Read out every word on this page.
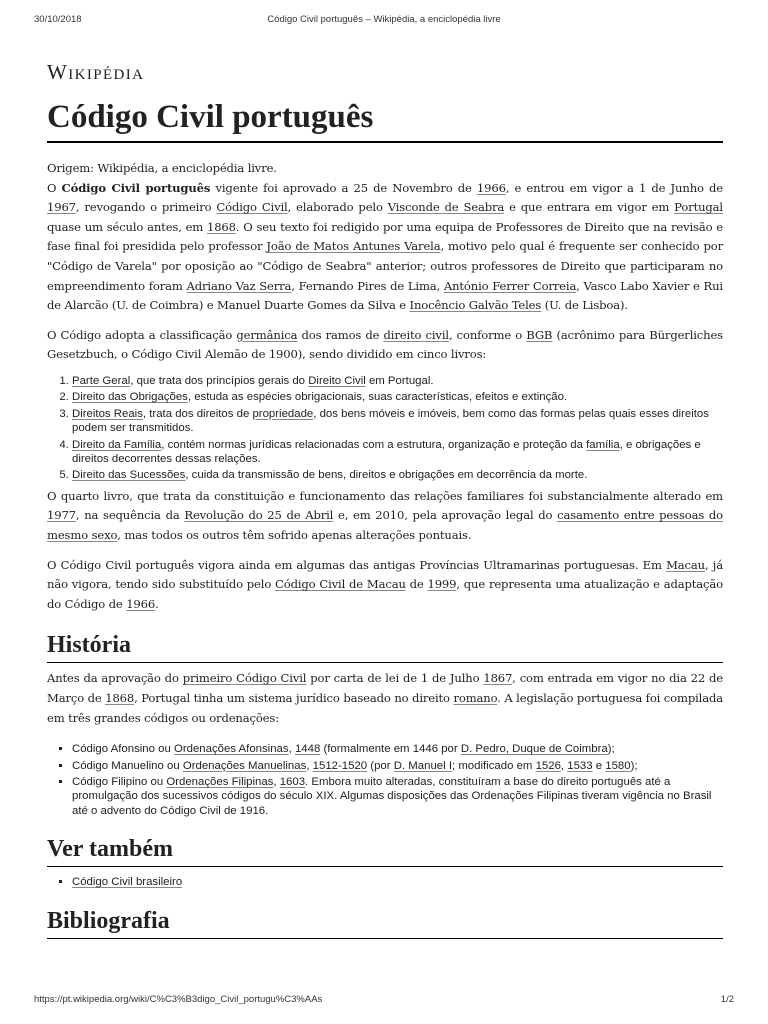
30/10/2018	Código Civil português – Wikipédia, a enciclopédia livre
Wikipédia
Código Civil português
Origem: Wikipédia, a enciclopédia livre.

O Código Civil português vigente foi aprovado a 25 de Novembro de 1966, e entrou em vigor a 1 de Junho de 1967, revogando o primeiro Código Civil, elaborado pelo Visconde de Seabra e que entrara em vigor em Portugal quase um século antes, em 1868. O seu texto foi redigido por uma equipa de Professores de Direito que na revisão e fase final foi presidida pelo professor João de Matos Antunes Varela, motivo pelo qual é frequente ser conhecido por "Código de Varela" por oposição ao "Código de Seabra" anterior; outros professores de Direito que participaram no empreendimento foram Adriano Vaz Serra, Fernando Pires de Lima, António Ferrer Correia, Vasco Labo Xavier e Rui de Alarcão (U. de Coimbra) e Manuel Duarte Gomes da Silva e Inocêncio Galvão Teles (U. de Lisboa).

O Código adopta a classificação germânica dos ramos de direito civil, conforme o BGB (acrônimo para Bürgerliches Gesetzbuch, o Código Civil Alemão de 1900), sendo dividido em cinco livros:

1. Parte Geral, que trata dos princípios gerais do Direito Civil em Portugal.
2. Direito das Obrigações, estuda as espécies obrigacionais, suas características, efeitos e extinção.
3. Direitos Reais, trata dos direitos de propriedade, dos bens móveis e imóveis, bem como das formas pelas quais esses direitos podem ser transmitidos.
4. Direito da Família, contém normas jurídicas relacionadas com a estrutura, organização e proteção da família, e obrigações e direitos decorrentes dessas relações.
5. Direito das Sucessões, cuida da transmissão de bens, direitos e obrigações em decorrência da morte.

O quarto livro, que trata da constituição e funcionamento das relações familiares foi substancialmente alterado em 1977, na sequência da Revolução do 25 de Abril e, em 2010, pela aprovação legal do casamento entre pessoas do mesmo sexo, mas todos os outros têm sofrido apenas alterações pontuais.

O Código Civil português vigora ainda em algumas das antigas Províncias Ultramarinas portuguesas. Em Macau, já não vigora, tendo sido substituído pelo Código Civil de Macau de 1999, que representa uma atualização e adaptação do Código de 1966.

História

Antes da aprovação do primeiro Código Civil por carta de lei de 1 de Julho 1867, com entrada em vigor no dia 22 de Março de 1868, Portugal tinha um sistema jurídico baseado no direito romano. A legislação portuguesa foi compilada em três grandes códigos ou ordenações:

▪ Código Afonsino ou Ordenações Afonsinas, 1448 (formalmente em 1446 por D. Pedro, Duque de Coimbra);
▪ Código Manuelino ou Ordenações Manuelinas, 1512-1520 (por D. Manuel I; modificado em 1526, 1533 e 1580);
▪ Código Filipino ou Ordenações Filipinas, 1603. Embora muito alteradas, constituíram a base do direito português até a promulgação dos sucessivos códigos do século XIX. Algumas disposições das Ordenações Filipinas tiveram vigência no Brasil até o advento do Código Civil de 1916.
Ver também
▪ Código Civil brasileiro
Bibliografia
https://pt.wikipedia.org/wiki/C%C3%B3digo_Civil_portugu%C3%AAs	1/2
